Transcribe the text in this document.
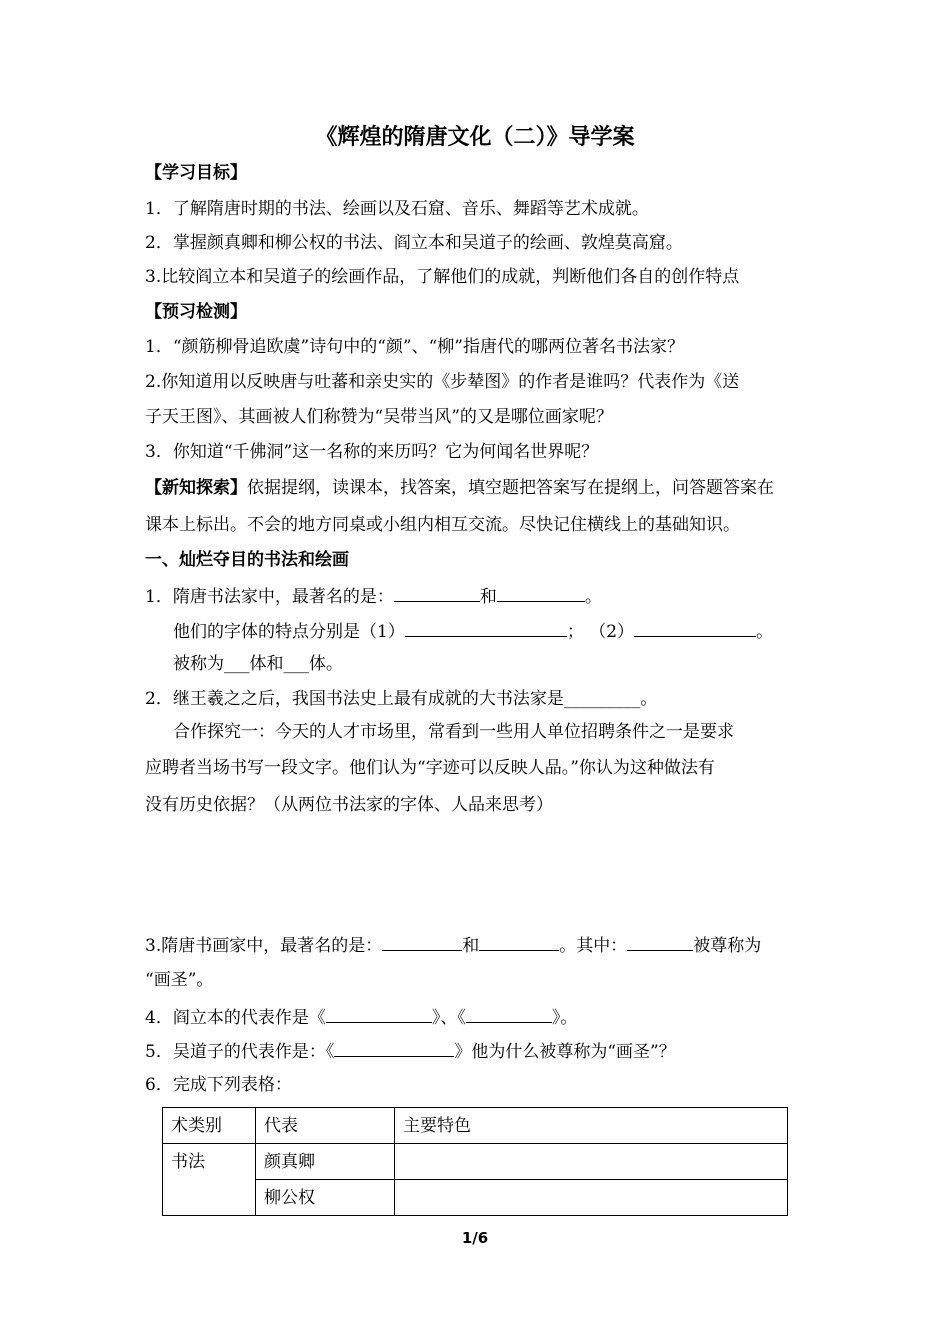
《辉煌的隋唐文化（二）》导学案
【学习目标】
1．了解隋唐时期的书法、绘画以及石窟、音乐、舞蹈等艺术成就。
2．掌握颜真卿和柳公权的书法、阎立本和吴道子的绘画、敦煌莫高窟。
3.比较阎立本和吴道子的绘画作品，了解他们的成就，判断他们各自的创作特点
【预习检测】
1．“颜筋柳骨追欧虞”诗句中的“颜”、“柳”指唐代的哪两位著名书法家？
2.你知道用以反映唐与吐蕃和亲史实的《步辇图》的作者是谁吗？代表作为《送
子天王图》、其画被人们称赞为“吴带当风”的又是哪位画家呢？
3．你知道“千佛洞”这一名称的来历吗？它为何闻名世界呢？
【新知探索】依据提纲，读课本，找答案，填空题把答案写在提纲上，问答题答案在
课本上标出。不会的地方同桌或小组内相互交流。尽快记住横线上的基础知识。
一、灿烂夺目的书法和绘画
1．隋唐书法家中，最著名的是：	和	。
他们的字体的特点分别是（1）	； （2）	。
被称为___体和___体。
2．继王羲之之后，我国书法史上最有成就的大书法家是_________。
合作探究一：今天的人才市场里，常看到一些用人单位招聘条件之一是要求
应聘者当场书写一段文字。他们认为“字迹可以反映人品。”你认为这种做法有
没有历史依据？（从两位书法家的字体、人品来思考）
3.隋唐书画家中，最著名的是：	和	。其中：	被尊称为
“画圣”。
4．阎立本的代表作是《	》、《	》。
5．吴道子的代表作是：《	》他为什么被尊称为“画圣”？
6．完成下列表格：
术类别	代表	主要特色
书法	颜真卿	
	柳公权	
1/6
